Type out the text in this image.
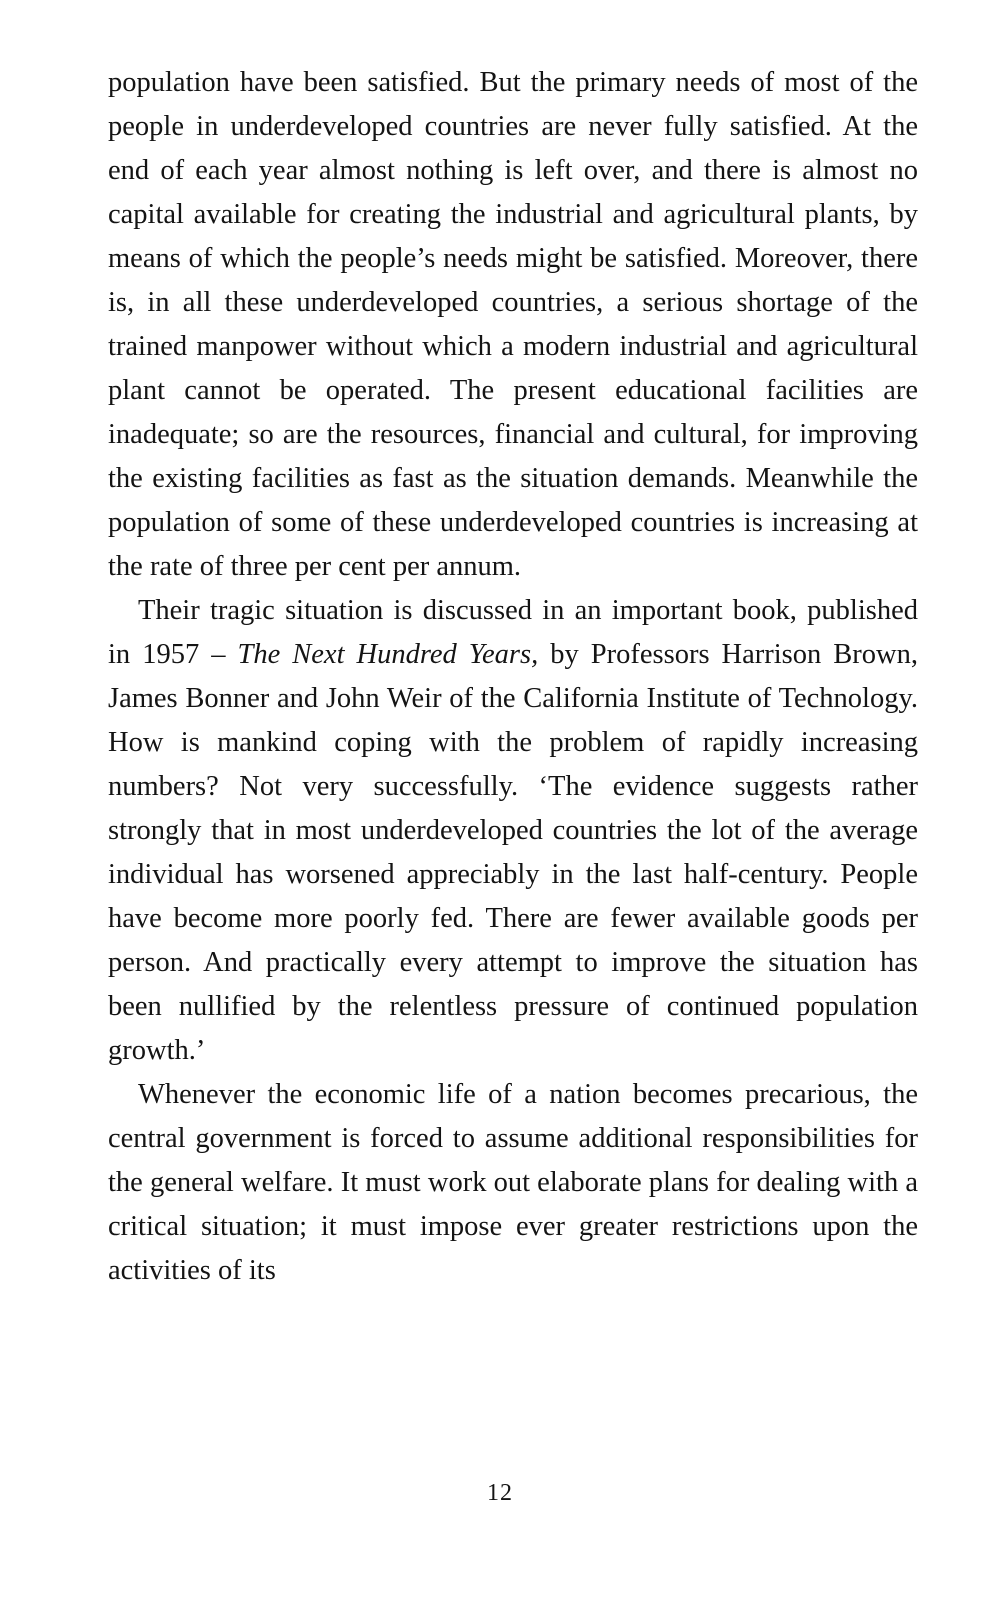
population have been satisfied. But the primary needs of most of the people in underdeveloped countries are never fully satisfied. At the end of each year almost nothing is left over, and there is almost no capital available for creating the industrial and agricultural plants, by means of which the people’s needs might be satisfied. Moreover, there is, in all these underdeveloped countries, a serious shortage of the trained manpower without which a modern industrial and agricultural plant cannot be operated. The present educational facilities are inadequate; so are the resources, financial and cultural, for improving the existing facilities as fast as the situation demands. Meanwhile the population of some of these underdeveloped countries is increasing at the rate of three per cent per annum.

Their tragic situation is discussed in an important book, published in 1957 – The Next Hundred Years, by Professors Harrison Brown, James Bonner and John Weir of the California Institute of Technology. How is mankind coping with the problem of rapidly increasing numbers? Not very successfully. ‘The evidence suggests rather strongly that in most underdeveloped countries the lot of the average individual has worsened appreciably in the last half-century. People have become more poorly fed. There are fewer available goods per person. And practically every attempt to improve the situation has been nullified by the relentless pressure of continued population growth.’

Whenever the economic life of a nation becomes precarious, the central government is forced to assume additional responsibilities for the general welfare. It must work out elaborate plans for dealing with a critical situation; it must impose ever greater restrictions upon the activities of its

12
